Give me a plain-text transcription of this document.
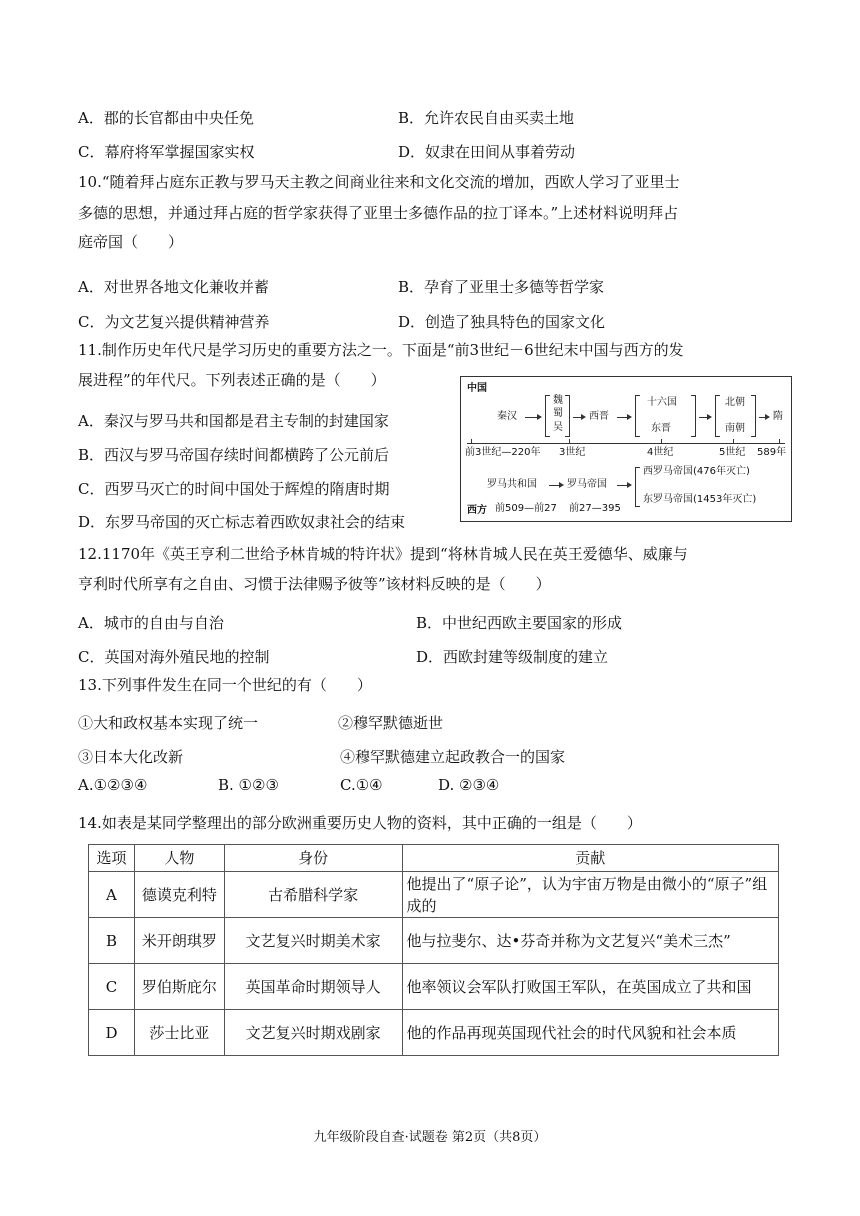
A．郡的长官都由中央任免	B．允许农民自由买卖土地
C．幕府将军掌握国家实权	D．奴隶在田间从事着劳动
10.“随着拜占庭东正教与罗马天主教之间商业往来和文化交流的增加，西欧人学习了亚里士
多德的思想，并通过拜占庭的哲学家获得了亚里士多德作品的拉丁译本。”上述材料说明拜占
庭帝国（　　）
A．对世界各地文化兼收并蓄	B．孕育了亚里士多德等哲学家
C．为文艺复兴提供精神营养	D．创造了独具特色的国家文化
11.制作历史年代尺是学习历史的重要方法之一。下面是“前3世纪－6世纪末中国与西方的发
展进程”的年代尺。下列表述正确的是（　　）
A．秦汉与罗马共和国都是君主专制的封建国家
B．西汉与罗马帝国存续时间都横跨了公元前后
C．西罗马灭亡的时间中国处于辉煌的隋唐时期
D．东罗马帝国的灭亡标志着西欧奴隶社会的结束
中国
秦汉
魏
蜀
吴
西晋
十六国
东晋
北朝
南朝
隋
前3世纪—220年 3世纪	4世纪	5世纪 589年
罗马共和国	罗马帝国
西罗马帝国(476年灭亡)
东罗马帝国(1453年灭亡)
西方 前509—前27 前27—395
12.1170年《英王亨利二世给予林肯城的特许状》提到“将林肯城人民在英王爱德华、威廉与
亨利时代所享有之自由、习惯于法律赐予彼等”该材料反映的是（　　）
A．城市的自由与自治	B．中世纪西欧主要国家的形成
C．英国对海外殖民地的控制	D．西欧封建等级制度的建立
13.下列事件发生在同一个世纪的有（　　）
①大和政权基本实现了统一	②穆罕默德逝世
③日本大化改新	④穆罕默德建立起政教合一的国家
A.①②③④	B. ①②③	C.①④	D. ②③④
14.如表是某同学整理出的部分欧洲重要历史人物的资料，其中正确的一组是（　　）
选项	人物	身份	贡献
A	德谟克利特	古希腊科学家	他提出了“原子论”，认为宇宙万物是由微小的“原子”组成的
B	米开朗琪罗	文艺复兴时期美术家	他与拉斐尔、达•芬奇并称为文艺复兴“美术三杰”
C	罗伯斯庇尔	英国革命时期领导人	他率领议会军队打败国王军队，在英国成立了共和国
D	莎士比亚	文艺复兴时期戏剧家	他的作品再现英国现代社会的时代风貌和社会本质
九年级阶段自查·试题卷 第2页（共8页）
